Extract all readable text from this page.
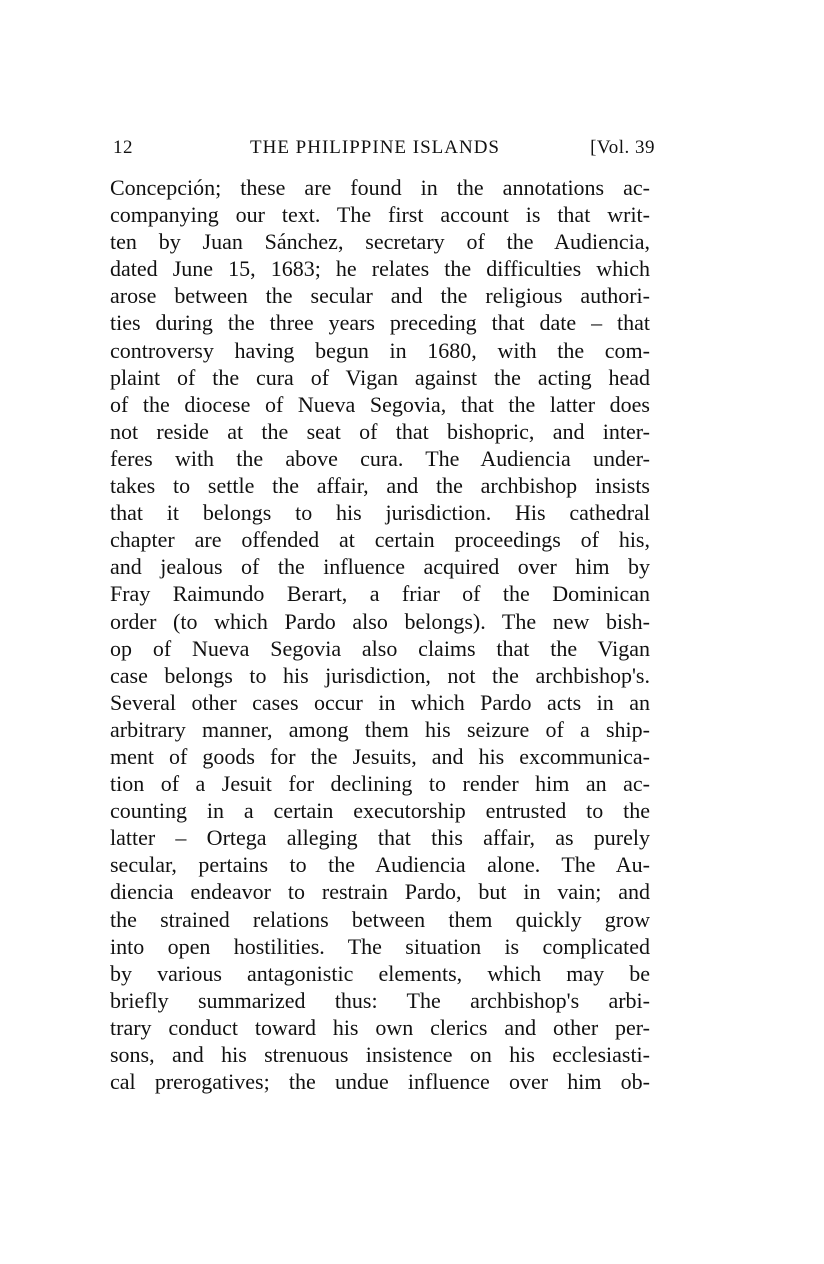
12	THE PHILIPPINE ISLANDS	[Vol. 39
Concepción; these are found in the annotations ac-
companying our text. The first account is that writ-
ten by Juan Sánchez, secretary of the Audiencia,
dated June 15, 1683; he relates the difficulties which
arose between the secular and the religious authori-
ties during the three years preceding that date – that
controversy having begun in 1680, with the com-
plaint of the cura of Vigan against the acting head
of the diocese of Nueva Segovia, that the latter does
not reside at the seat of that bishopric, and inter-
feres with the above cura. The Audiencia under-
takes to settle the affair, and the archbishop insists
that it belongs to his jurisdiction. His cathedral
chapter are offended at certain proceedings of his,
and jealous of the influence acquired over him by
Fray Raimundo Berart, a friar of the Dominican
order (to which Pardo also belongs). The new bish-
op of Nueva Segovia also claims that the Vigan
case belongs to his jurisdiction, not the archbishop's.
Several other cases occur in which Pardo acts in an
arbitrary manner, among them his seizure of a ship-
ment of goods for the Jesuits, and his excommunica-
tion of a Jesuit for declining to render him an ac-
counting in a certain executorship entrusted to the
latter – Ortega alleging that this affair, as purely
secular, pertains to the Audiencia alone. The Au-
diencia endeavor to restrain Pardo, but in vain; and
the strained relations between them quickly grow
into open hostilities. The situation is complicated
by various antagonistic elements, which may be
briefly summarized thus: The archbishop's arbi-
trary conduct toward his own clerics and other per-
sons, and his strenuous insistence on his ecclesiasti-
cal prerogatives; the undue influence over him ob-
